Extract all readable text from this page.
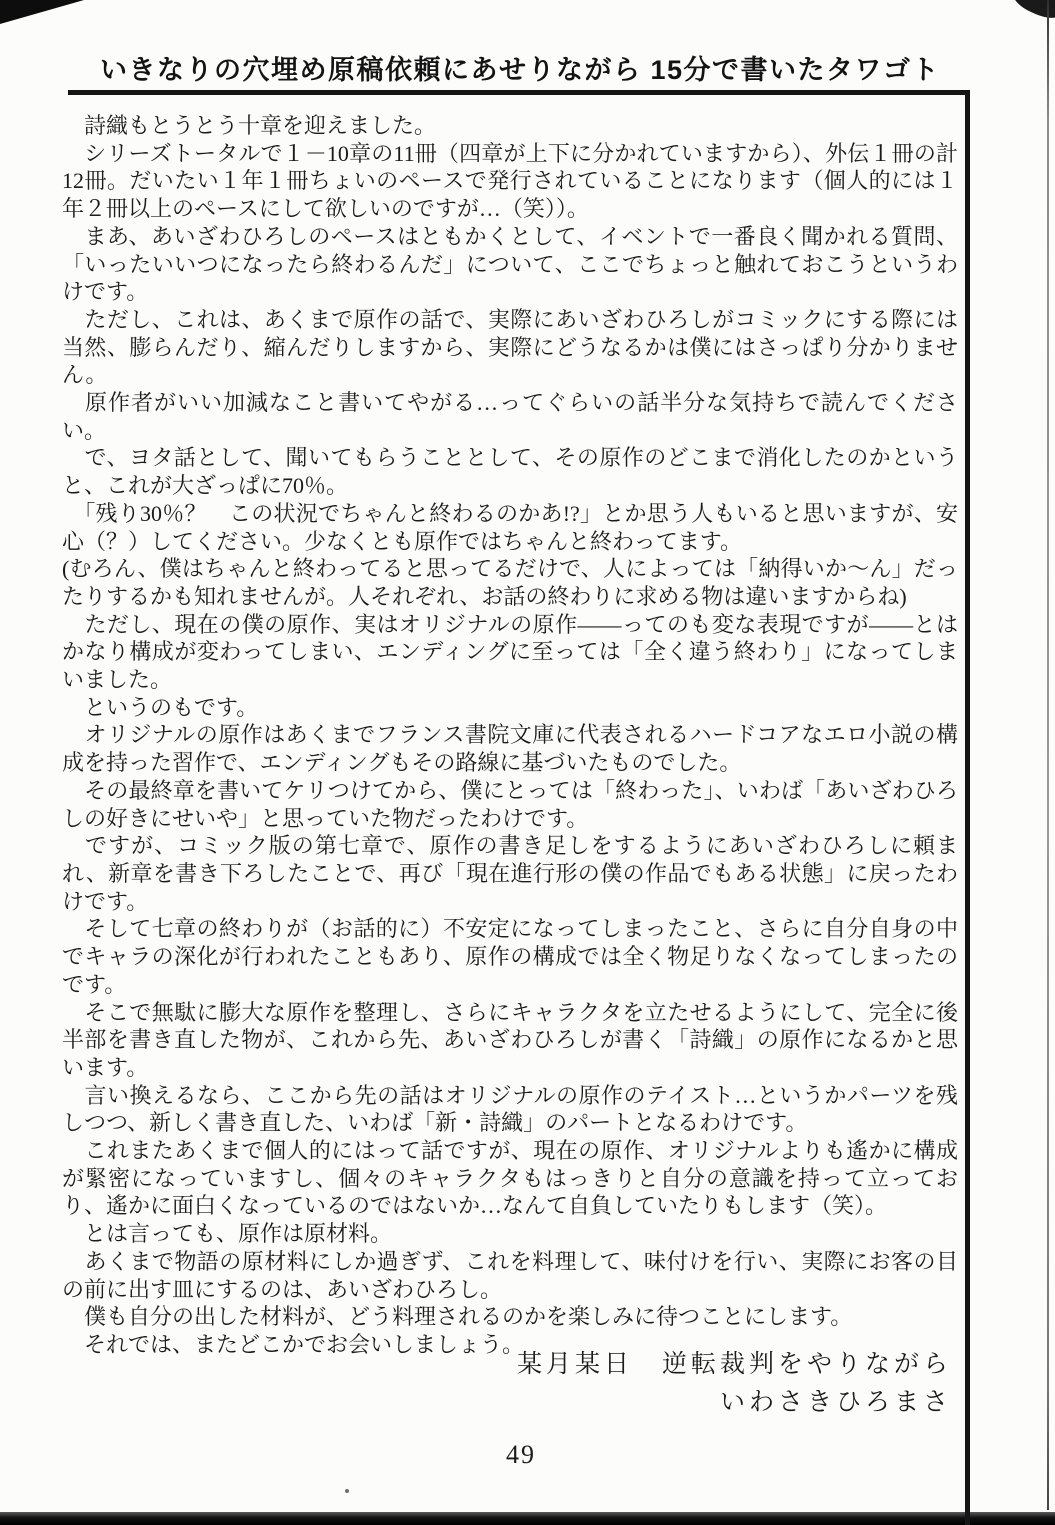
いきなりの穴埋め原稿依頼にあせりながら 15分で書いたタワゴト

　詩織もとうとう十章を迎えました。

　シリーズトータルで１－10章の11冊（四章が上下に分かれていますから）、外伝１冊の計12冊。だいたい１年１冊ちょいのペースで発行されていることになります（個人的には１年２冊以上のペースにして欲しいのですが…（笑））。

　まあ、あいざわひろしのペースはともかくとして、イベントで一番良く聞かれる質問、「いったいいつになったら終わるんだ」について、ここでちょっと触れておこうというわけです。

　ただし、これは、あくまで原作の話で、実際にあいざわひろしがコミックにする際には当然、膨らんだり、縮んだりしますから、実際にどうなるかは僕にはさっぱり分かりません。

　原作者がいい加減なこと書いてやがる…ってぐらいの話半分な気持ちで読んでください。

　で、ヨタ話として、聞いてもらうこととして、その原作のどこまで消化したのかというと、これが大ざっぱに70％。

　「残り30％？　この状況でちゃんと終わるのかあ!?」とか思う人もいると思いますが、安心（？）してください。少なくとも原作ではちゃんと終わってます。

(むろん、僕はちゃんと終わってると思ってるだけで、人によっては「納得いか～ん」だったりするかも知れませんが。人それぞれ、お話の終わりに求める物は違いますからね)

　ただし、現在の僕の原作、実はオリジナルの原作――ってのも変な表現ですが――とはかなり構成が変わってしまい、エンディングに至っては「全く違う終わり」になってしまいました。

　というのもです。

　オリジナルの原作はあくまでフランス書院文庫に代表されるハードコアなエロ小説の構成を持った習作で、エンディングもその路線に基づいたものでした。

　その最終章を書いてケリつけてから、僕にとっては「終わった」、いわば「あいざわひろしの好きにせいや」と思っていた物だったわけです。

　ですが、コミック版の第七章で、原作の書き足しをするようにあいざわひろしに頼まれ、新章を書き下ろしたことで、再び「現在進行形の僕の作品でもある状態」に戻ったわけです。

　そして七章の終わりが（お話的に）不安定になってしまったこと、さらに自分自身の中でキャラの深化が行われたこともあり、原作の構成では全く物足りなくなってしまったのです。

　そこで無駄に膨大な原作を整理し、さらにキャラクタを立たせるようにして、完全に後半部を書き直した物が、これから先、あいざわひろしが書く「詩織」の原作になるかと思います。

　言い換えるなら、ここから先の話はオリジナルの原作のテイスト…というかパーツを残しつつ、新しく書き直した、いわば「新・詩織」のパートとなるわけです。

　これまたあくまで個人的にはって話ですが、現在の原作、オリジナルよりも遙かに構成が緊密になっていますし、個々のキャラクタもはっきりと自分の意識を持って立っており、遙かに面白くなっているのではないか…なんて自負していたりもします（笑）。

　とは言っても、原作は原材料。

　あくまで物語の原材料にしか過ぎず、これを料理して、味付けを行い、実際にお客の目の前に出す皿にするのは、あいざわひろし。

　僕も自分の出した材料が、どう料理されるのかを楽しみに待つことにします。

　それでは、またどこかでお会いしましょう。

某月某日　逆転裁判をやりながら
いわさきひろまさ
49
